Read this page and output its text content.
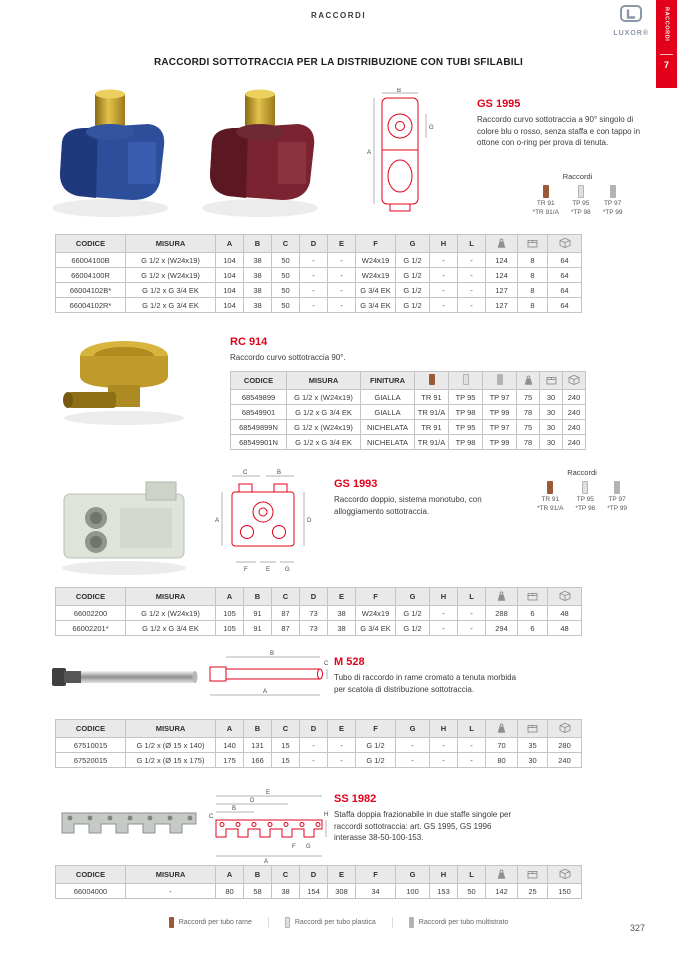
RACCORDI
LUXOR®	RACCORDI
7
RACCORDI SOTTOTRACCIA PER LA DISTRIBUZIONE CON TUBI SFILABILI
B
A
G
GS 1995

Raccordo curvo sottotraccia a 90° singolo di colore blu o rosso, senza staffa e con tappo in ottone con o-ring per prova di tenuta.

Raccordi
TR 91
*TR 91/A
TP 95
*TP 98
TP 97
*TP 99
CODICE	MISURA	A	B	C	D	E	F	G	H	L			
66004100B	G 1/2 x (W24x19)	104	38	50	-	-	W24x19	G 1/2	-	-	124	8	64
66004100R	G 1/2 x (W24x19)	104	38	50	-	-	W24x19	G 1/2	-	-	124	8	64
66004102B*	G 1/2 x G 3/4 EK	104	38	50	-	-	G 3/4 EK	G 1/2	-	-	127	8	64
66004102R*	G 1/2 x G 3/4 EK	104	38	50	-	-	G 3/4 EK	G 1/2	-	-	127	8	64
RC 914

Raccordo curvo sottotraccia 90°.

CODICE	MISURA	FINITURA						
68549899	G 1/2 x (W24x19)	GIALLA	TR 91	TP 95	TP 97	75	30	240
68549901	G 1/2 x G 3/4 EK	GIALLA	TR 91/A	TP 98	TP 99	78	30	240
68549899N	G 1/2 x (W24x19)	NICHELATA	TR 91	TP 95	TP 97	75	30	240
68549901N	G 1/2 x G 3/4 EK	NICHELATA	TR 91/A	TP 98	TP 99	78	30	240
C	B
A	D
F	E G
GS 1993

Raccordo doppio, sistema monotubo, con alloggiamento sottotraccia.

Raccordi
TR 91
*TR 91/A
TP 95
*TP 98
TP 97
*TP 99
CODICE	MISURA	A	B	C	D	E	F	G	H	L			
66002200	G 1/2 x (W24x19)	105	91	87	73	38	W24x19	G 1/2	-	-	288	6	48
66002201*	G 1/2 x G 3/4 EK	105	91	87	73	38	G 3/4 EK	G 1/2	-	-	294	6	48
B
A
C M 528

Tubo di raccordo in rame cromato a tenuta morbida per scatola di distribuzione sottotraccia.

CODICE	MISURA	A	B	C	D	E	F	G	H	L			
67510015	G 1/2 x (Ø 15 x 140)	140	131	15	-	-	G 1/2	-	-	-	70	35	280
67520015	G 1/2 x (Ø 15 x 175)	175	166	15	-	-	G 1/2	-	-	-	80	30	240
E
D
B
A
H
C
F G
SS 1982

Staffa doppia frazionabile in due staffe singole per raccordi sottotraccia: art. GS 1995, GS 1996 interasse 38-50-100-153.

CODICE	MISURA	A	B	C	D	E	F	G	H	L			
66004000	-	80	58	38	154	308	34	100	153	50	142	25	150
Raccordi per tubo rame	Raccordi per tubo plastica	Raccordi per tubo multistrato
327
